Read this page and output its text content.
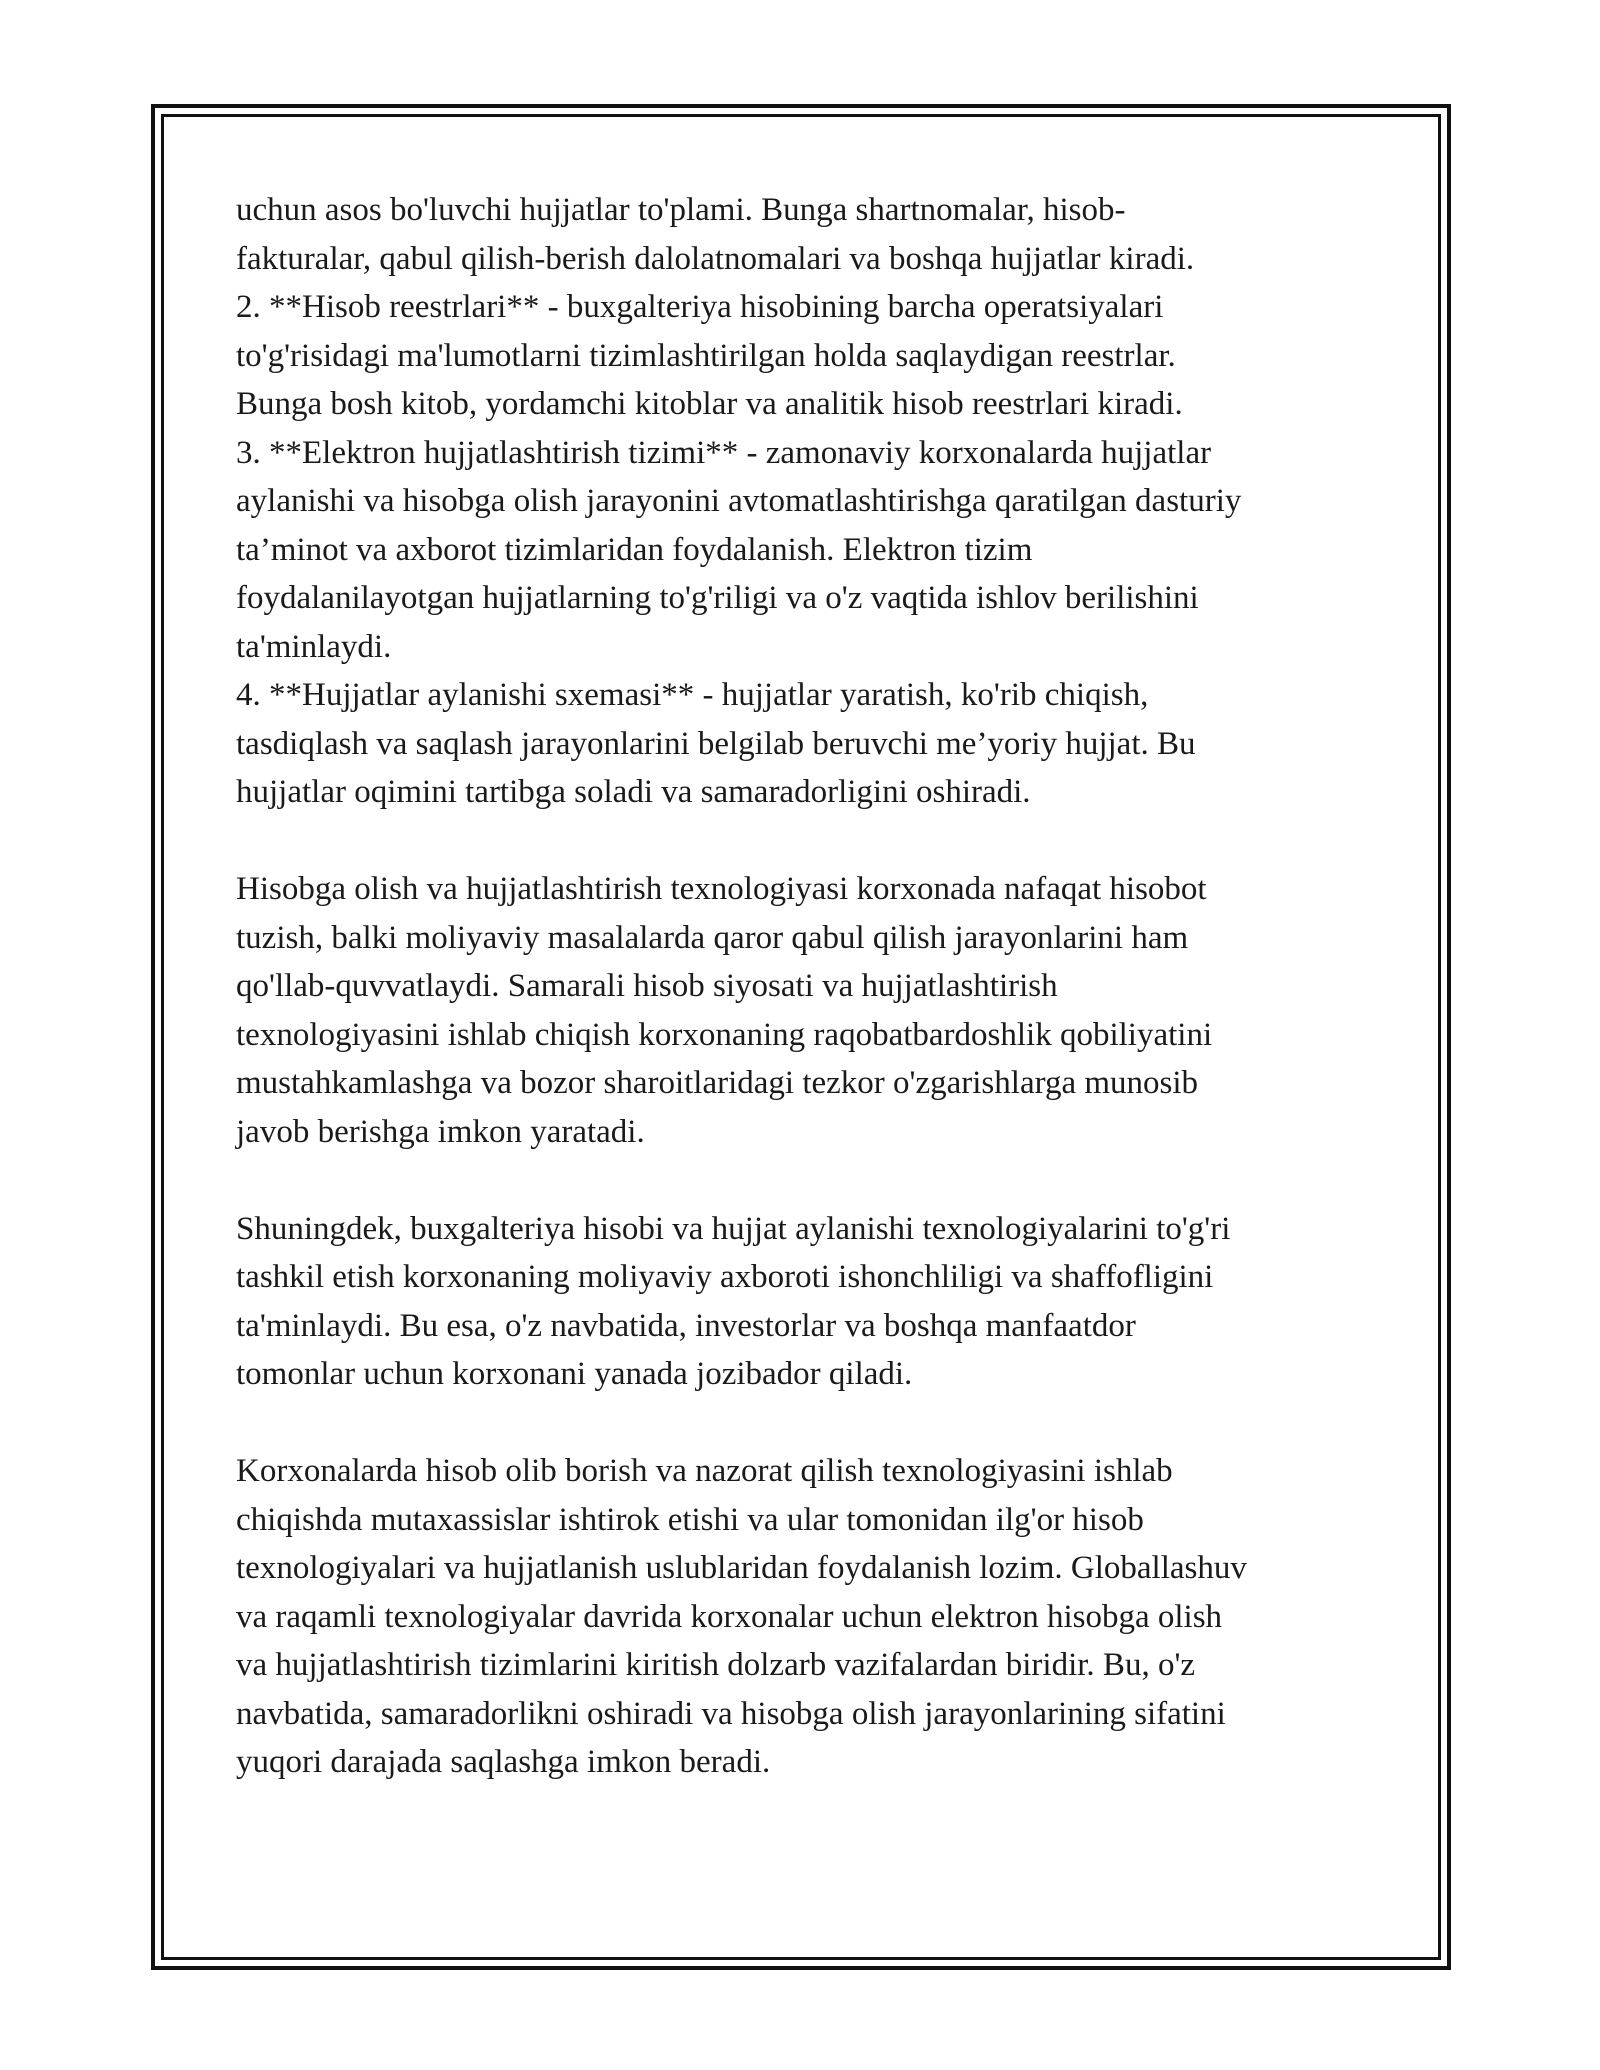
uchun asos bo'luvchi hujjatlar to'plami. Bunga shartnomalar, hisob-

fakturalar, qabul qilish-berish dalolatnomalari va boshqa hujjatlar kiradi.

2. **Hisob reestrlari** - buxgalteriya hisobining barcha operatsiyalari

to'g'risidagi ma'lumotlarni tizimlashtirilgan holda saqlaydigan reestrlar.

Bunga bosh kitob, yordamchi kitoblar va analitik hisob reestrlari kiradi.

3. **Elektron hujjatlashtirish tizimi** - zamonaviy korxonalarda hujjatlar

aylanishi va hisobga olish jarayonini avtomatlashtirishga qaratilgan dasturiy

ta’minot va axborot tizimlaridan foydalanish. Elektron tizim

foydalanilayotgan hujjatlarning to'g'riligi va o'z vaqtida ishlov berilishini

ta'minlaydi.

4. **Hujjatlar aylanishi sxemasi** - hujjatlar yaratish, ko'rib chiqish,

tasdiqlash va saqlash jarayonlarini belgilab beruvchi me’yoriy hujjat. Bu

hujjatlar oqimini tartibga soladi va samaradorligini oshiradi.

Hisobga olish va hujjatlashtirish texnologiyasi korxonada nafaqat hisobot

tuzish, balki moliyaviy masalalarda qaror qabul qilish jarayonlarini ham

qo'llab-quvvatlaydi. Samarali hisob siyosati va hujjatlashtirish

texnologiyasini ishlab chiqish korxonaning raqobatbardoshlik qobiliyatini

mustahkamlashga va bozor sharoitlaridagi tezkor o'zgarishlarga munosib

javob berishga imkon yaratadi.

Shuningdek, buxgalteriya hisobi va hujjat aylanishi texnologiyalarini to'g'ri

tashkil etish korxonaning moliyaviy axboroti ishonchliligi va shaffofligini

ta'minlaydi. Bu esa, o'z navbatida, investorlar va boshqa manfaatdor

tomonlar uchun korxonani yanada jozibador qiladi.

Korxonalarda hisob olib borish va nazorat qilish texnologiyasini ishlab

chiqishda mutaxassislar ishtirok etishi va ular tomonidan ilg'or hisob

texnologiyalari va hujjatlanish uslublaridan foydalanish lozim. Globallashuv

va raqamli texnologiyalar davrida korxonalar uchun elektron hisobga olish

va hujjatlashtirish tizimlarini kiritish dolzarb vazifalardan biridir. Bu, o'z

navbatida, samaradorlikni oshiradi va hisobga olish jarayonlarining sifatini

yuqori darajada saqlashga imkon beradi.
